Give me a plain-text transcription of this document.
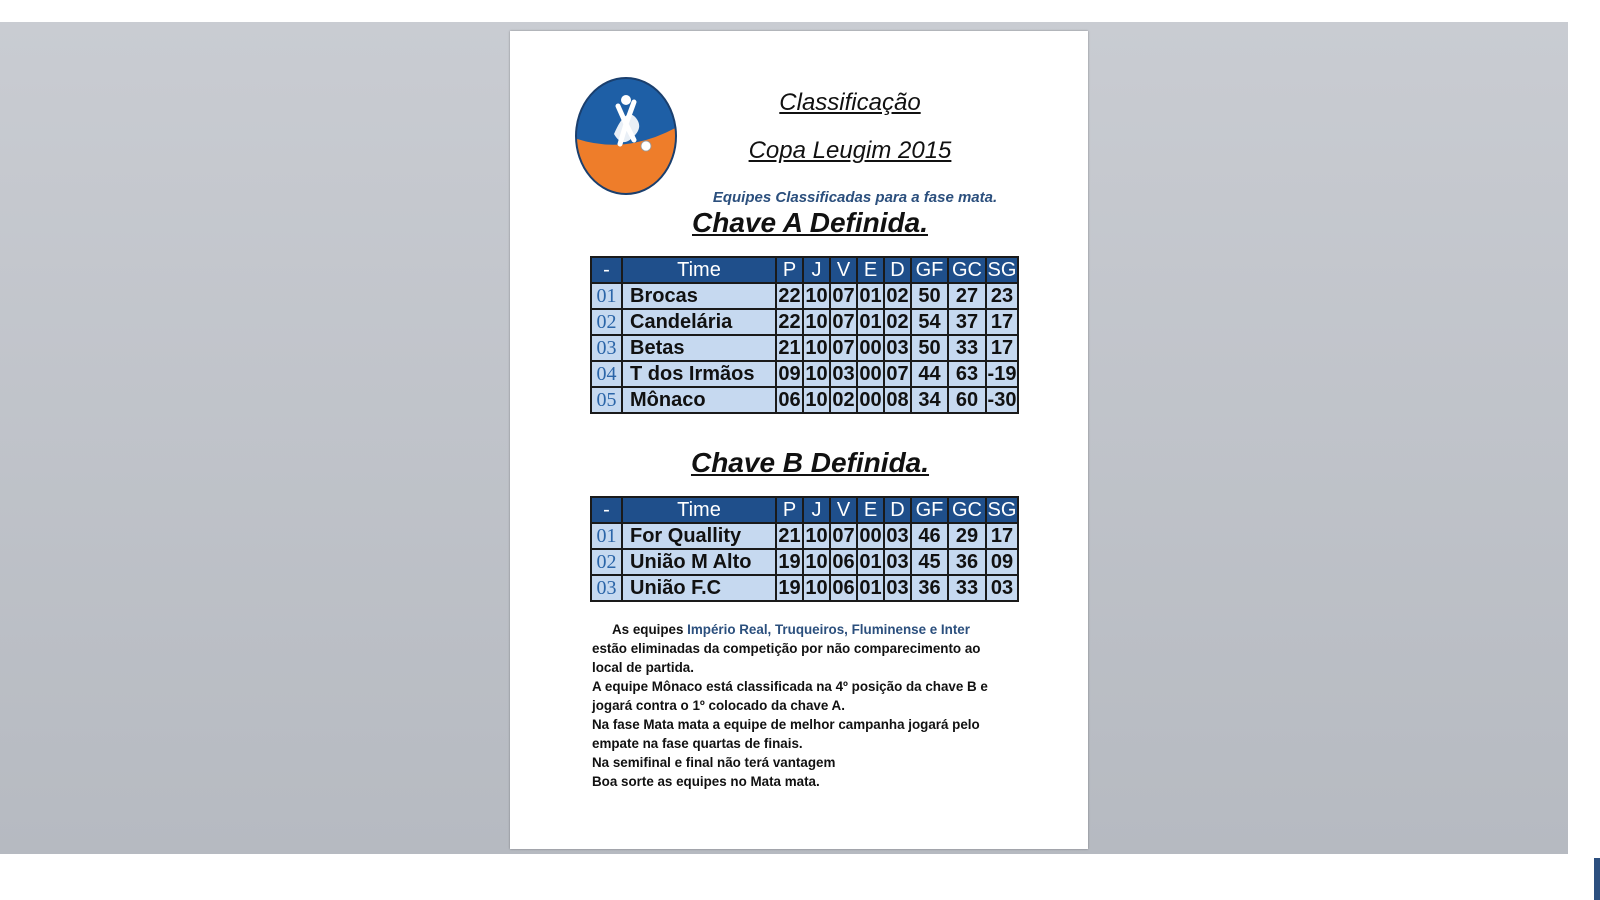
Classificação
Copa Leugim 2015
Equipes Classificadas para a fase mata.
Chave A Definida.
-	Time	P	J	V	E	D	GF	GC	SG
01	Brocas	22	10	07	01	02	50	27	23
02	Candelária	22	10	07	01	02	54	37	17
03	Betas	21	10	07	00	03	50	33	17
04	T dos Irmãos	09	10	03	00	07	44	63	-19
05	Mônaco	06	10	02	00	08	34	60	-30
Chave B Definida.
-	Time	P	J	V	E	D	GF	GC	SG
01	For Quallity	21	10	07	00	03	46	29	17
02	União M Alto	19	10	06	01	03	45	36	09
03	União F.C	19	10	06	01	03	36	33	03

As equipes Império Real, Truqueiros, Fluminense e Inter
estão eliminadas da competição por não comparecimento ao local de partida.

A equipe Mônaco está classificada na 4º posição da chave B e jogará contra o 1º colocado da chave A.

Na fase Mata mata a equipe de melhor campanha jogará pelo empate na fase quartas de finais.

Na semifinal e final não terá vantagem

Boa sorte as equipes no Mata mata.
